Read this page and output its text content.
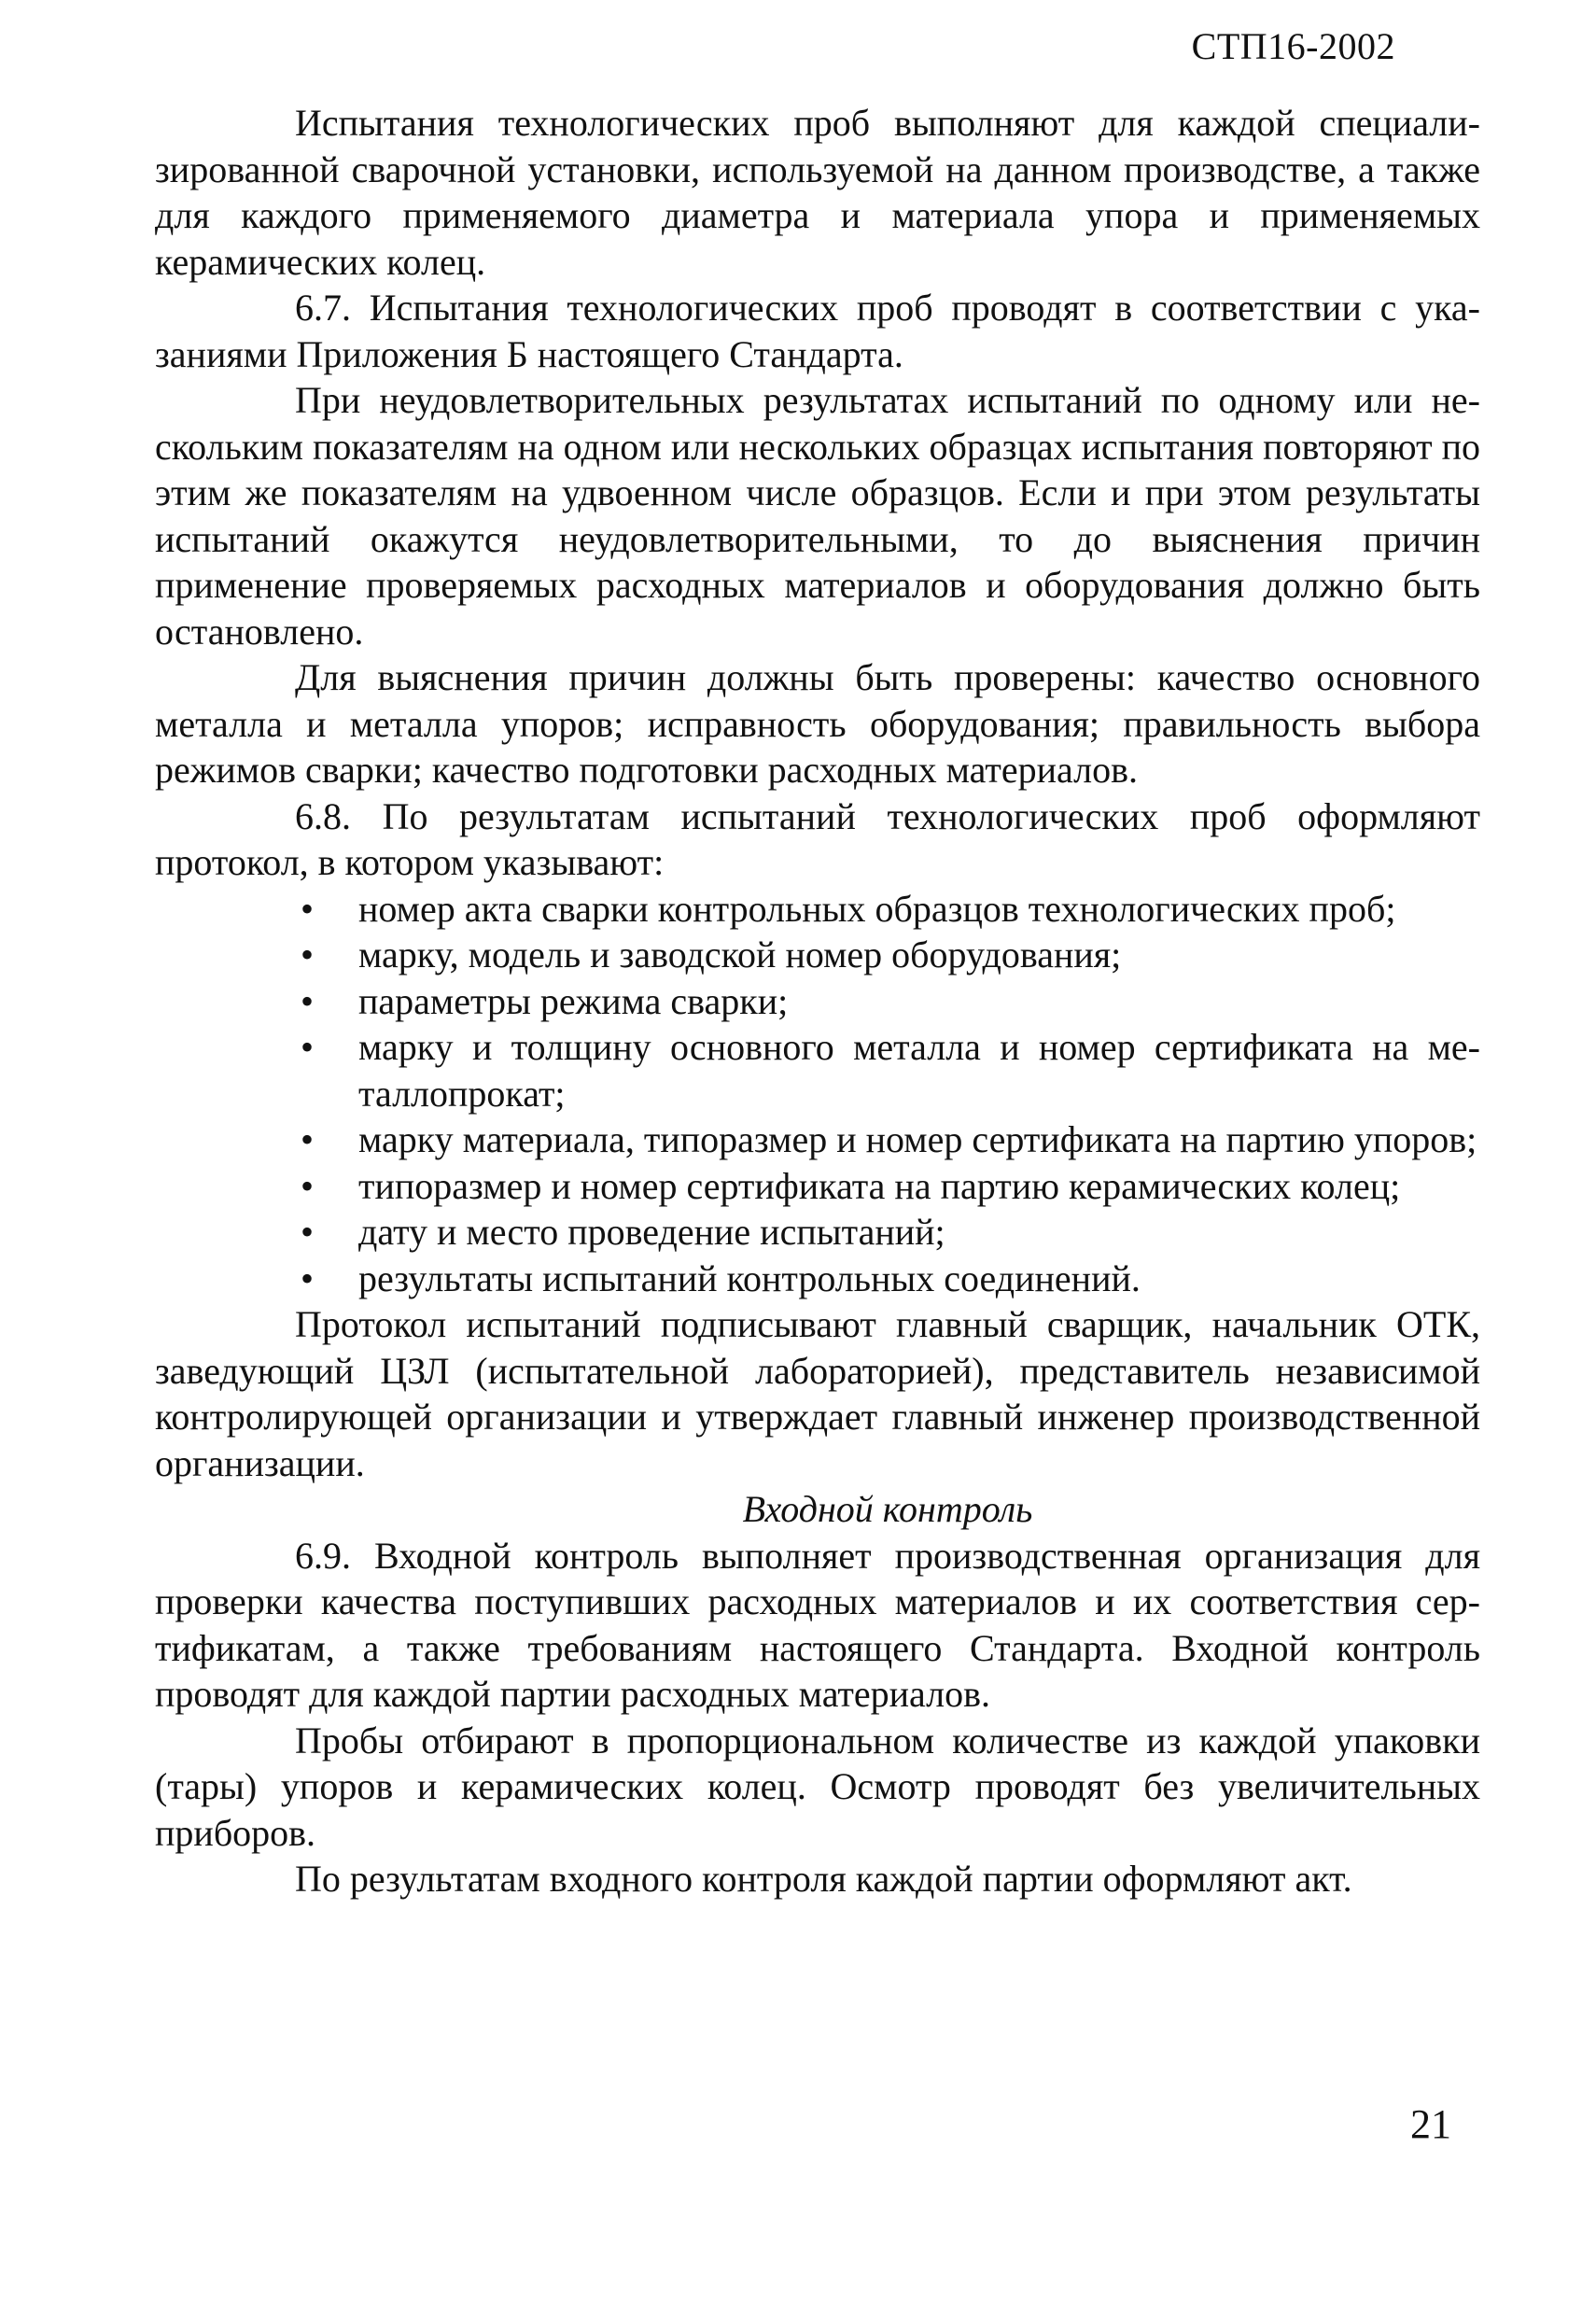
СТП16-2002

Испытания технологических проб выполняют для каждой специализированной сварочной установки, используемой на данном производстве, а также для каждого применяемого диаметра и материала упора и применяемых керамических колец.

6.7. Испытания технологических проб проводят в соответствии с указаниями Приложения Б настоящего Стандарта.

При неудовлетворительных результатах испытаний по одному или нескольким показателям на одном или нескольких образцах испытания повторяют по этим же показателям на удвоенном числе образцов. Если и при этом результаты испытаний окажутся неудовлетворительными, то до выяснения причин применение проверяемых расходных материалов и оборудования должно быть остановлено.

Для выяснения причин должны быть проверены: качество основного металла и металла упоров; исправность оборудования; правильность выбора режимов сварки; качество подготовки расходных материалов.

6.8. По результатам испытаний технологических проб оформляют протокол, в котором указывают:

• номер акта сварки контрольных образцов технологических проб;
• марку, модель и заводской номер оборудования;
• параметры режима сварки;
• марку и толщину основного металла и номер сертификата на металлопрокат;
• марку материала, типоразмер и номер сертификата на партию упоров;
• типоразмер и номер сертификата на партию керамических колец;
• дату и место проведение испытаний;
• результаты испытаний контрольных соединений.

Протокол испытаний подписывают главный сварщик, начальник ОТК, заведующий ЦЗЛ (испытательной лабораторией), представитель независимой контролирующей организации и утверждает главный инженер производственной организации.

Входной контроль

6.9. Входной контроль выполняет производственная организация для проверки качества поступивших расходных материалов и их соответствия сертификатам, а также требованиям настоящего Стандарта. Входной контроль проводят для каждой партии расходных материалов.

Пробы отбирают в пропорциональном количестве из каждой упаковки (тары) упоров и керамических колец. Осмотр проводят без увеличительных приборов.

По результатам входного контроля каждой партии оформляют акт.

21
